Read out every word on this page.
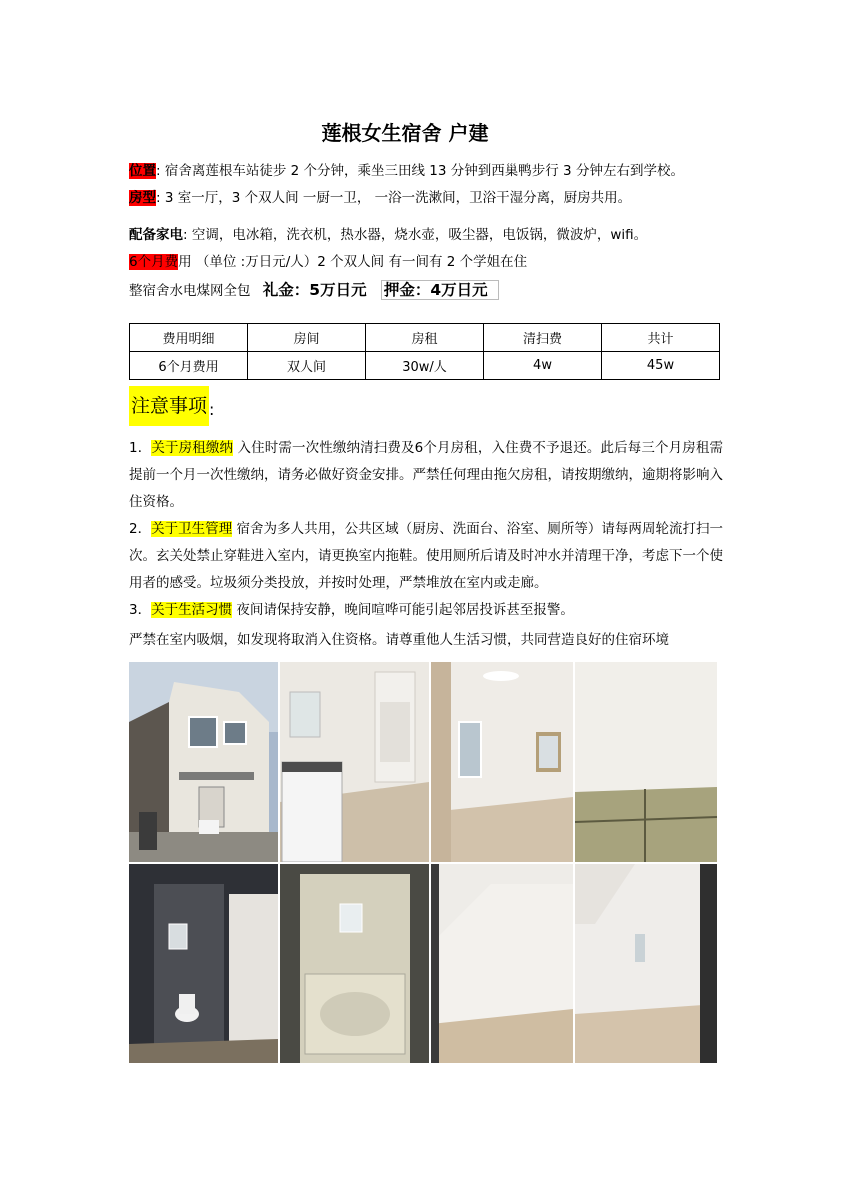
莲根女生宿舍 户建
位置: 宿舍离莲根车站徒步 2 个分钟，乘坐三田线 13 分钟到西巢鸭步行 3 分钟左右到学校。
房型: 3 室一厅，3 个双人间 一厨一卫， 一浴一洗漱间，卫浴干湿分离，厨房共用。
配备家电: 空调，电冰箱，洗衣机，热水器，烧水壶，吸尘器，电饭锅，微波炉，wifi。
6个月费用 （单位 :万日元/人）2 个双人间 有一间有 2 个学姐在住
整宿舍水电煤网全包 礼金：5万日元 押金：4万日元
费用明细	房间	房租	清扫费	共计
6个月费用	双人间	30w/人	4w	45w
注意事项 :
1．关于房租缴纳 入住时需一次性缴纳清扫费及6个月房租，入住费不予退还。此后每三个月房租需提前一个月一次性缴纳，请务必做好资金安排。严禁任何理由拖欠房租，请按期缴纳，逾期将影响入住资格。
2．关于卫生管理 宿舍为多人共用，公共区域（厨房、洗面台、浴室、厕所等）请每两周轮流打扫一次。玄关处禁止穿鞋进入室内，请更换室内拖鞋。使用厕所后请及时冲水并清理干净，考虑下一个使用者的感受。垃圾须分类投放，并按时处理，严禁堆放在室内或走廊。
3．关于生活习惯 夜间请保持安静，晚间喧哗可能引起邻居投诉甚至报警。
严禁在室内吸烟，如发现将取消入住资格。请尊重他人生活习惯，共同营造良好的住宿环境
